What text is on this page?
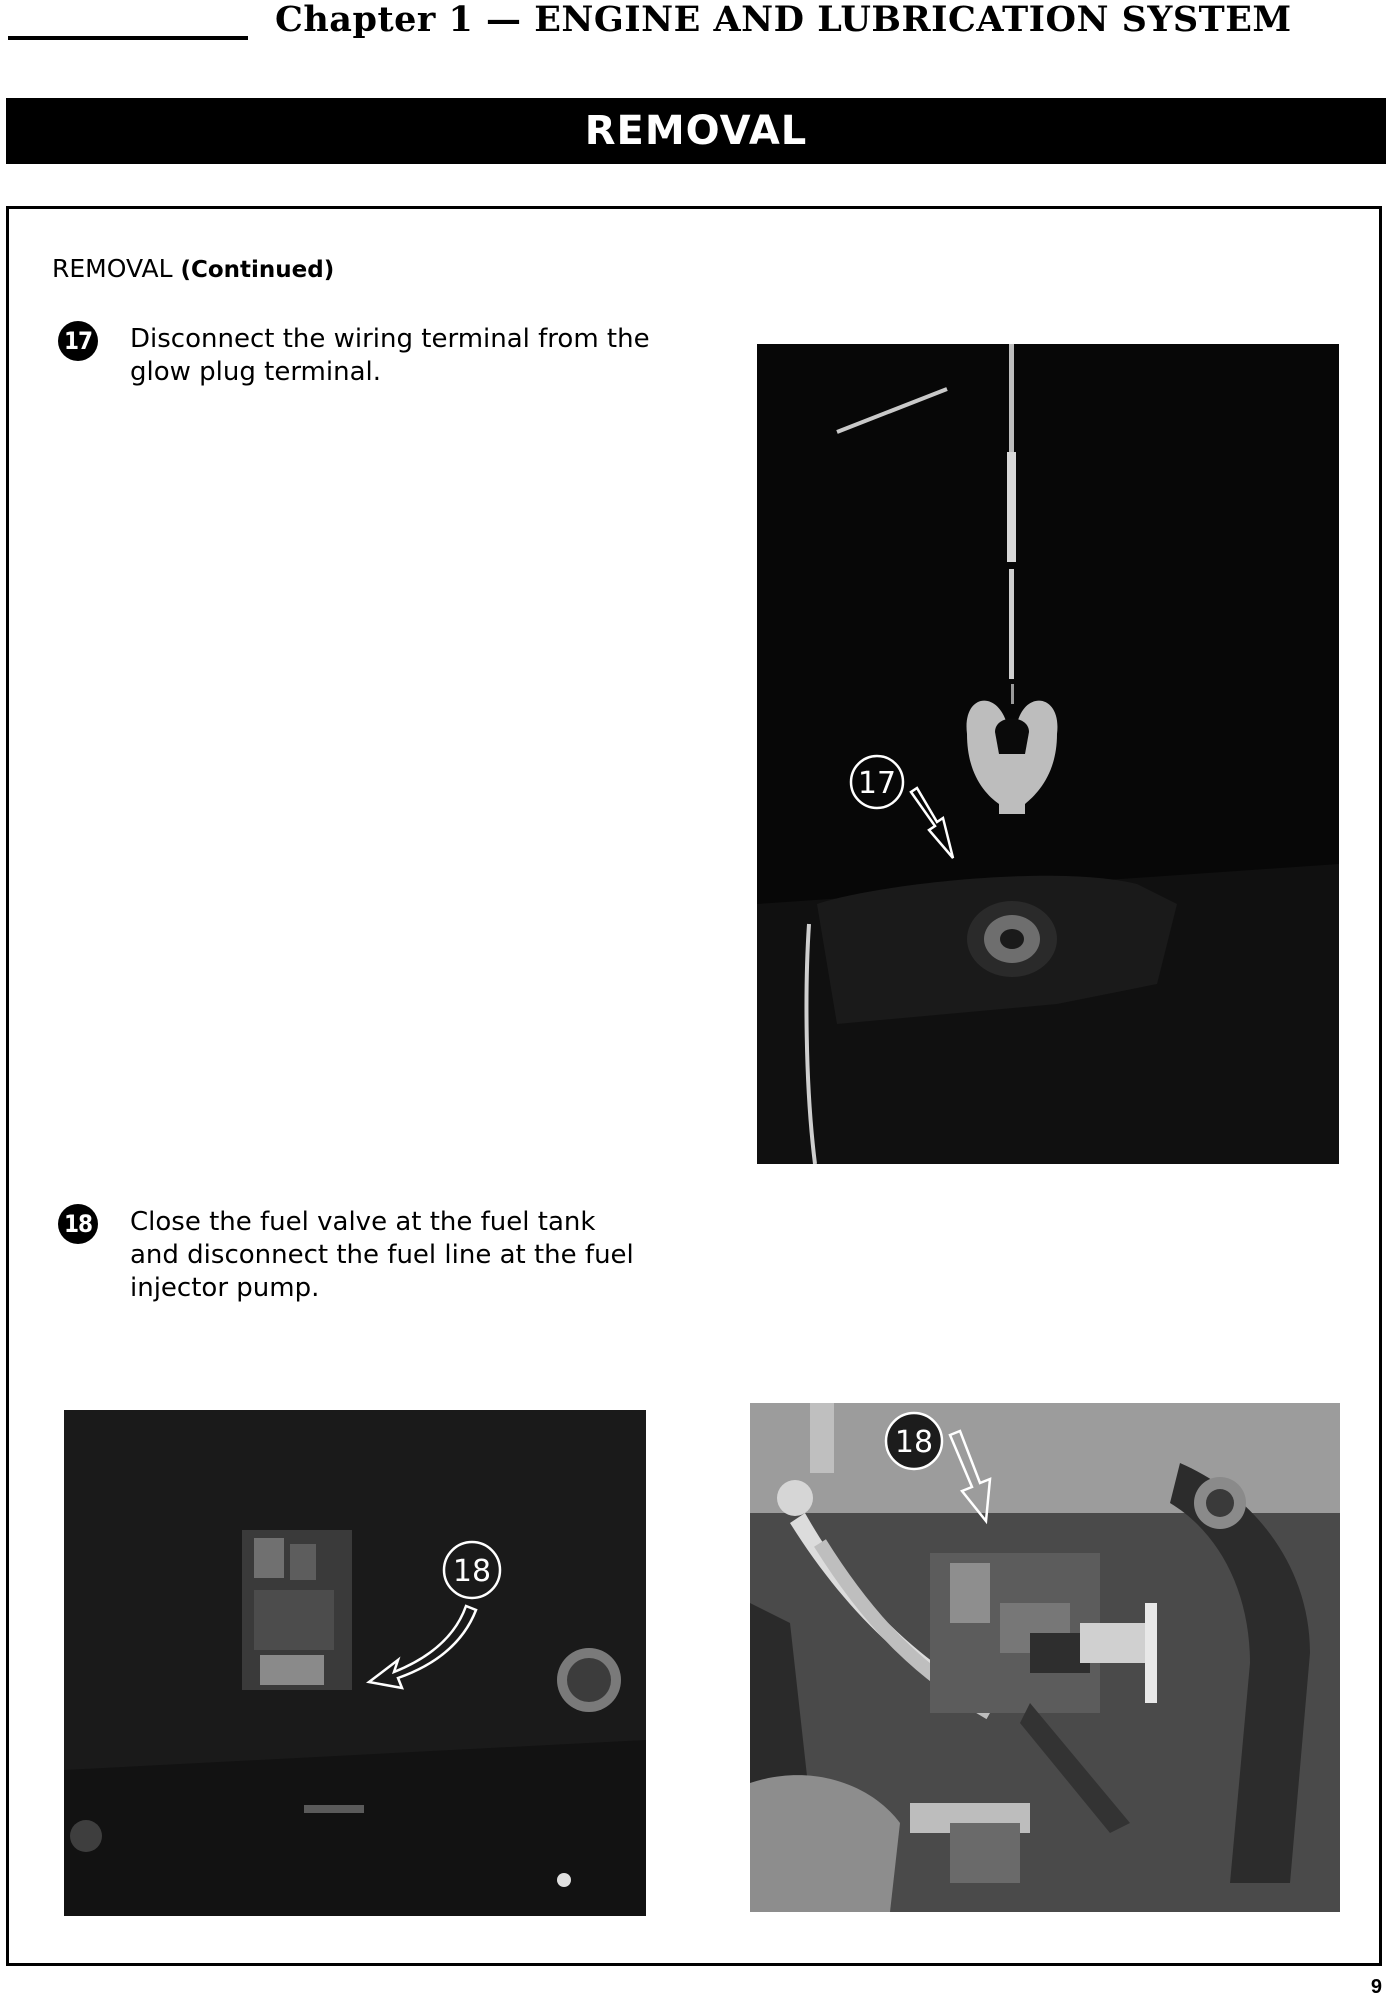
Chapter 1 — ENGINE AND LUBRICATION SYSTEM
REMOVAL
REMOVAL (Continued)
17 Disconnect the wiring terminal from the glow plug terminal.
17
18 Close the fuel valve at the fuel tank and disconnect the fuel line at the fuel injector pump.
18
18
9
